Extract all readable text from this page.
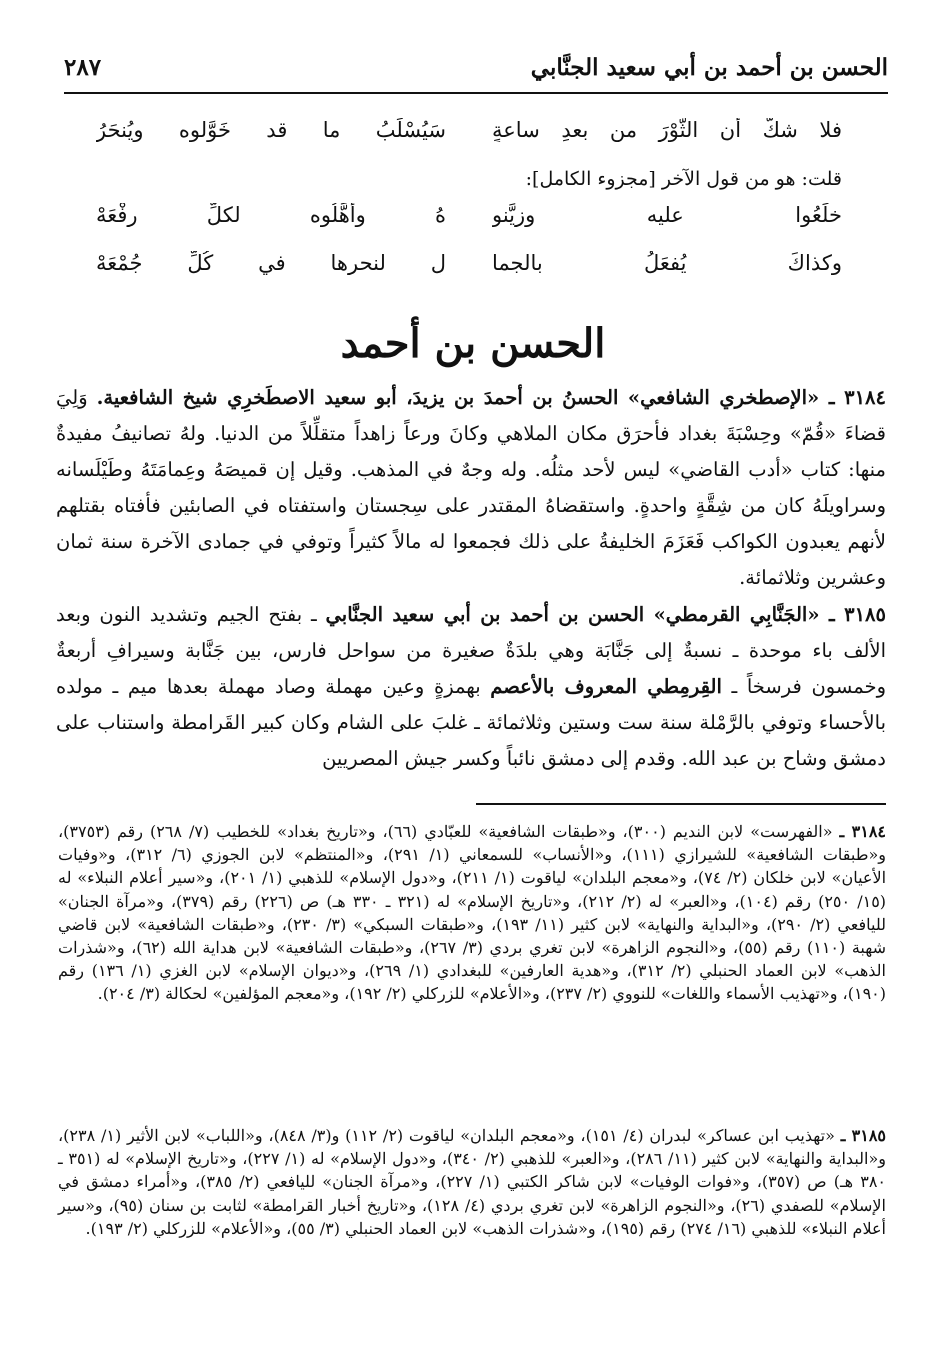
الحسن بن أحمد بن أبي سعيد الجنَّابي
٢٨٧
فلا شكَّ أن الثَّوْرَ من بعدِ ساعةٍ
سَيُسْلَبُ ما قد خَوَّلوه ويُنحَرُ
قلت: هو من قول الآخر [مجزوء الكامل]:
خلَعُوا عليه وزيَّنو
هُ وأهَّلُوه لكلِّ رِفْعَهْ
وكذاكَ يُفعَلُ بالجما
لِ لنحرها في كُلِّ جُمْعَهْ
الحسن بن أحمد
٣١٨٤ ـ «الإصطخري الشافعي» الحسنُ بن أحمدَ بن يزيدَ، أبو سعيد الاصطَخرِي شيخ الشافعية. وَلِيَ قضاءَ «قُمّ» وحِسْبَةَ بغداد فأحرَق مكان الملاهي وكانَ ورعاً زاهداً متقلِّلاً من الدنيا. ولهُ تصانيفُ مفيدةٌ منها: كتاب «أدب القاضي» ليس لأحد مثلُه. وله وجهٌ في المذهب. وقيل إن قميصَهُ وعِمامَتَهُ وطَيْلَسانه وسراويلَهُ كان من شِقَّةٍ واحدةٍ. واستقضاهُ المقتدر على سِجستان واستفتاه في الصابئين فأفتاه بقتلهم لأنهم يعبدون الكواكب فَعَزَمَ الخليفةُ على ذلك فجمعوا له مالاً كثيراً وتوفي في جمادى الآخرة سنة ثمان وعشرين وثلاثمائة.
٣١٨٥ ـ «الجَنَّابِي القرمطي» الحسن بن أحمد بن أبي سعيد الجنَّابي ـ بفتح الجيم وتشديد النون وبعد الألف باء موحدة ـ نسبةٌ إلى جَنَّابَة وهي بلدَةٌ صغيرة من سواحل فارس، بين جَنَّابة وسيرافِ أربعةٌ وخمسون فرسخاً ـ القِرمِطي المعروف بالأعصم بهمزةٍ وعين مهملة وصاد مهملة بعدها ميم ـ مولده بالأحساء وتوفي بالرَّمْلة سنة ست وستين وثلاثمائة ـ غلبَ على الشام وكان كبير القَرامطة واستناب على دمشق وشاح بن عبد الله. وقدم إلى دمشق نائباً وكسر جيش المصريين
٣١٨٤ ـ «الفهرست» لابن النديم (٣٠٠)، و«طبقات الشافعية» للعبّادي (٦٦)، و«تاريخ بغداد» للخطيب (٧/ ٢٦٨) رقم (٣٧٥٣)، و«طبقات الشافعية» للشيرازي (١١١)، و«الأنساب» للسمعاني (١/ ٢٩١)، و«المنتظم» لابن الجوزي (٦/ ٣١٢)، و«وفيات الأعيان» لابن خلكان (٢/ ٧٤)، و«معجم البلدان» لياقوت (١/ ٢١١)، و«دول الإسلام» للذهبي (١/ ٢٠١)، و«سير أعلام النبلاء» له (١٥/ ٢٥٠) رقم (١٠٤)، و«العبر» له (٢/ ٢١٢)، و«تاريخ الإسلام» له (٣٢١ ـ ٣٣٠ هـ) ص (٢٢٦) رقم (٣٧٩)، و«مرآة الجنان» لليافعي (٢/ ٢٩٠)، و«البداية والنهاية» لابن كثير (١١/ ١٩٣)، و«طبقات السبكي» (٣/ ٢٣٠)، و«طبقات الشافعية» لابن قاضي شهبة (١١٠) رقم (٥٥)، و«النجوم الزاهرة» لابن تغري بردي (٣/ ٢٦٧)، و«طبقات الشافعية» لابن هداية الله (٦٢)، و«شذرات الذهب» لابن العماد الحنبلي (٢/ ٣١٢)، و«هدية العارفين» للبغدادي (١/ ٢٦٩)، و«ديوان الإسلام» لابن الغزي (١/ ١٣٦) رقم (١٩٠)، و«تهذيب الأسماء واللغات» للنووي (٢/ ٢٣٧)، و«الأعلام» للزركلي (٢/ ١٩٢)، و«معجم المؤلفين» لحكالة (٣/ ٢٠٤).
٣١٨٥ ـ «تهذيب ابن عساكر» لبدران (٤/ ١٥١)، و«معجم البلدان» لياقوت (٢/ ١١٢) و(٣/ ٨٤٨)، و«اللباب» لابن الأثير (١/ ٢٣٨)، و«البداية والنهاية» لابن كثير (١١/ ٢٨٦)، و«العبر» للذهبي (٢/ ٣٤٠)، و«دول الإسلام» له (١/ ٢٢٧)، و«تاريخ الإسلام» له (٣٥١ ـ ٣٨٠ هـ) ص (٣٥٧)، و«فوات الوفيات» لابن شاكر الكتبي (١/ ٢٢٧)، و«مرآة الجنان» لليافعي (٢/ ٣٨٥)، و«أمراء دمشق في الإسلام» للصفدي (٢٦)، و«النجوم الزاهرة» لابن تغري بردي (٤/ ١٢٨)، و«تاريخ أخبار القرامطة» لثابت بن سنان (٩٥)، و«سير أعلام النبلاء» للذهبي (١٦/ ٢٧٤) رقم (١٩٥)، و«شذرات الذهب» لابن العماد الحنبلي (٣/ ٥٥)، و«الأعلام» للزركلي (٢/ ١٩٣).
